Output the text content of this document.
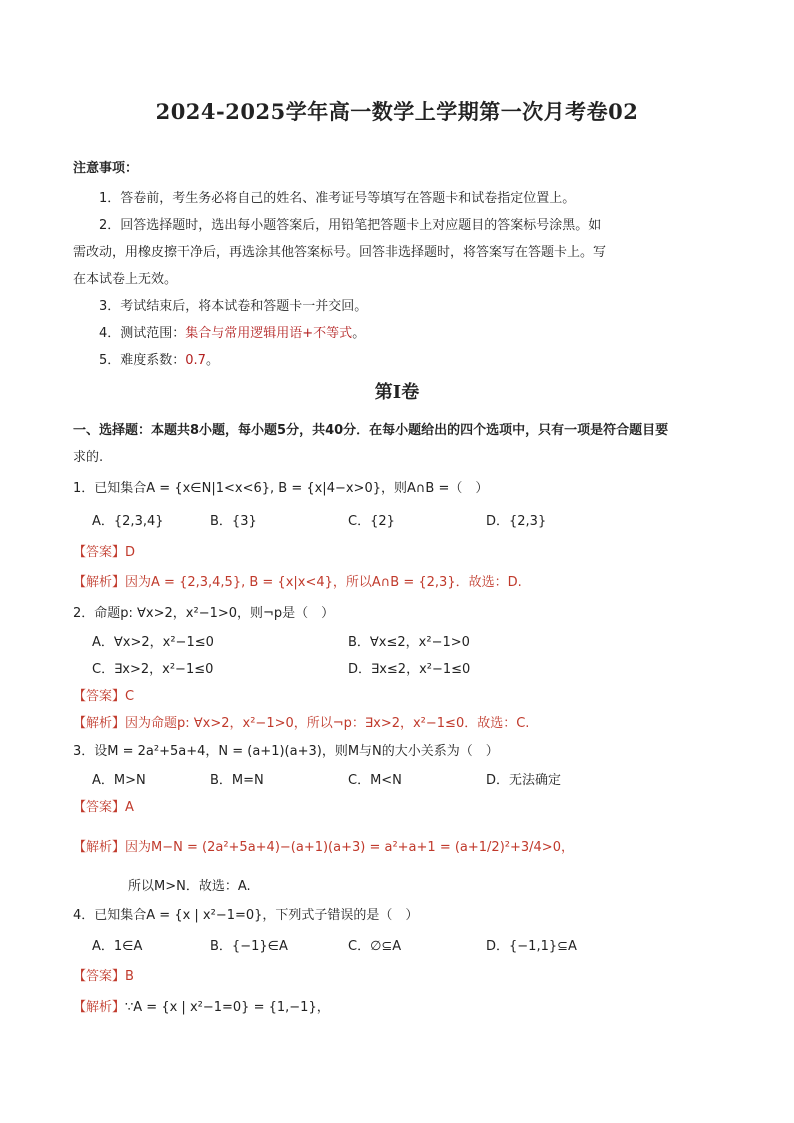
2024-2025学年高一数学上学期第一次月考卷02
注意事项：
1．答卷前，考生务必将自己的姓名、准考证号等填写在答题卡和试卷指定位置上。
2．回答选择题时，选出每小题答案后，用铅笔把答题卡上对应题目的答案标号涂黑。如
需改动，用橡皮擦干净后，再选涂其他答案标号。回答非选择题时，将答案写在答题卡上。写
在本试卷上无效。
3．考试结束后，将本试卷和答题卡一并交回。
4．测试范围：集合与常用逻辑用语+不等式。
5．难度系数：0.7。
第Ⅰ卷
一、选择题：本题共8小题，每小题5分，共40分．在每小题给出的四个选项中，只有一项是符合题目要
求的.
1．已知集合A = {x∈N|1<x<6}, B = {x|4−x>0}，则A∩B =（　）
A．{2,3,4}	B．{3}	C．{2}	D．{2,3}
【答案】D
【解析】因为A = {2,3,4,5}, B = {x|x<4}，所以A∩B = {2,3}．故选：D.
2．命题p: ∀x>2，x²−1>0，则¬p是（　）
A．∀x>2，x²−1≤0	B．∀x≤2，x²−1>0
C．∃x>2，x²−1≤0	D．∃x≤2，x²−1≤0
【答案】C
【解析】因为命题p: ∀x>2，x²−1>0，所以¬p：∃x>2，x²−1≤0．故选：C.
3．设M = 2a²+5a+4，N = (a+1)(a+3)，则M与N的大小关系为（　）
A．M>N	B．M=N	C．M<N	D．无法确定
【答案】A
【解析】因为M−N = (2a²+5a+4)−(a+1)(a+3) = a²+a+1 = (a+1/2)²+3/4>0，
所以M>N．故选：A.
4．已知集合A = {x | x²−1=0}，下列式子错误的是（　）
A．1∈A	B．{−1}∈A	C．∅⊆A	D．{−1,1}⊆A
【答案】B
【解析】∵A = {x | x²−1=0} = {1,−1}，
